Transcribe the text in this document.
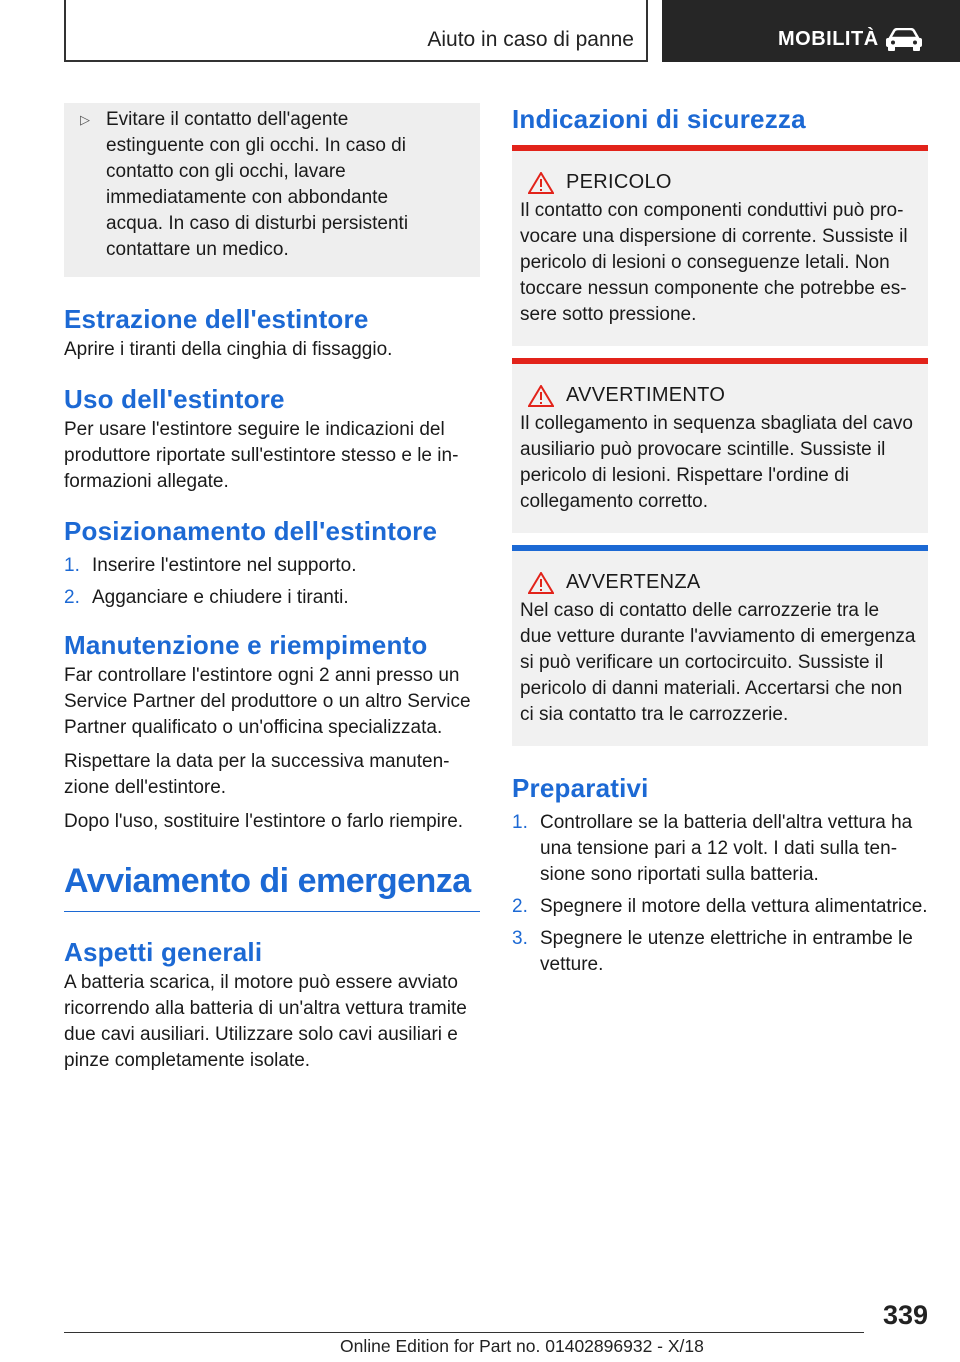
Aiuto in caso di panne	MOBILITÀ
▷ Evitare il contatto dell'agente estinguente con gli occhi. In caso di contatto con gli occhi, lavare immediatamente con abbondante acqua. In caso di disturbi persistenti contattare un medico.
Estrazione dell'estintore

Aprire i tiranti della cinghia di fissaggio.

Uso dell'estintore

Per usare l'estintore seguire le indicazioni del produttore riportate sull'estintore stesso e le informazioni allegate.

Posizionamento dell'estintore
1. Inserire l'estintore nel supporto.
2. Agganciare e chiudere i tiranti.
Manutenzione e riempimento

Far controllare l'estintore ogni 2 anni presso un Service Partner del produttore o un altro Service Partner qualificato o un'officina specializzata.

Rispettare la data per la successiva manutenzione dell'estintore.

Dopo l'uso, sostituire l'estintore o farlo riempire.

Avviamento di emergenza
Aspetti generali

A batteria scarica, il motore può essere avviato ricorrendo alla batteria di un'altra vettura tramite due cavi ausiliari. Utilizzare solo cavi ausiliari e pinze completamente isolate.

Indicazioni di sicurezza
PERICOLO

Il contatto con componenti conduttivi può provocare una dispersione di corrente. Sussiste il pericolo di lesioni o conseguenze letali. Non toccare nessun componente che potrebbe essere sotto pressione.

AVVERTIMENTO

Il collegamento in sequenza sbagliata del cavo ausiliario può provocare scintille. Sussiste il pericolo di lesioni. Rispettare l'ordine di collegamento corretto.

AVVERTENZA

Nel caso di contatto delle carrozzerie tra le due vetture durante l'avviamento di emergenza si può verificare un cortocircuito. Sussiste il pericolo di danni materiali. Accertarsi che non ci sia contatto tra le carrozzerie.

Preparativi
1. Controllare se la batteria dell'altra vettura ha una tensione pari a 12 volt. I dati sulla tensione sono riportati sulla batteria.
2. Spegnere il motore della vettura alimentatrice.
3. Spegnere le utenze elettriche in entrambe le vetture.
339
Online Edition for Part no. 01402896932 - X/18
